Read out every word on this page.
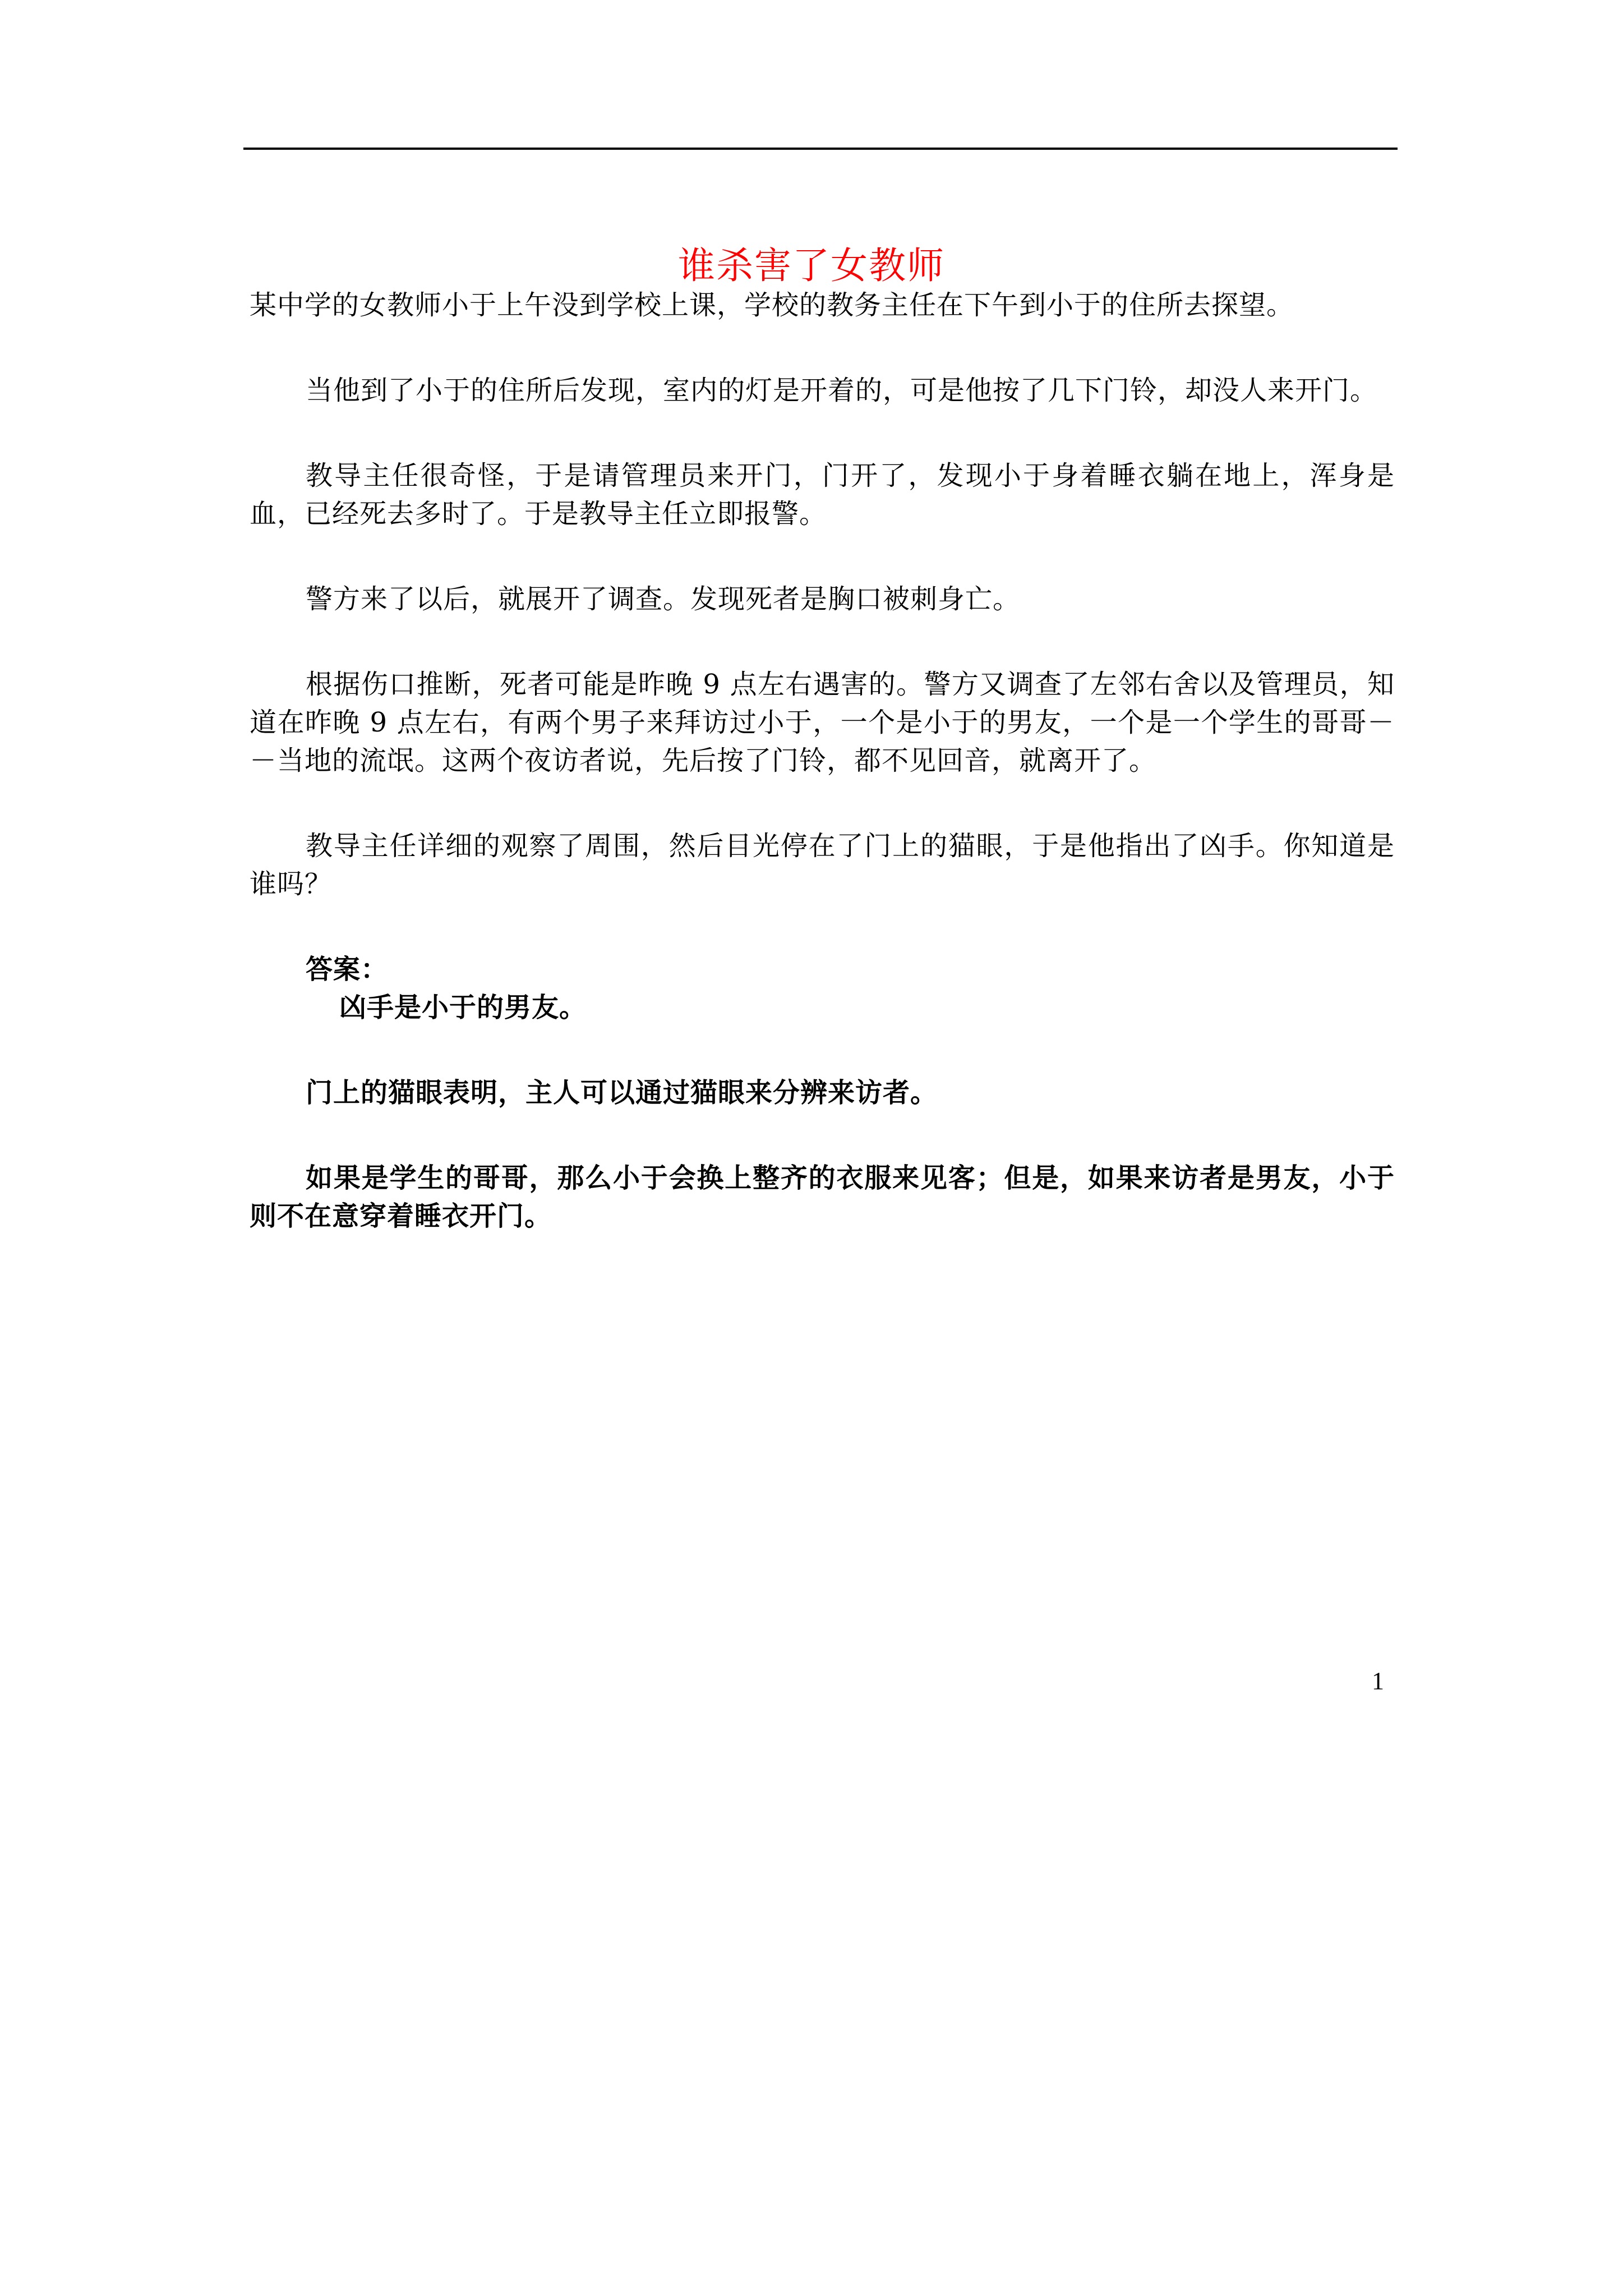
谁杀害了女教师

某中学的女教师小于上午没到学校上课，学校的教务主任在下午到小于的住所去探望。

当他到了小于的住所后发现，室内的灯是开着的，可是他按了几下门铃，却没人来开门。

教导主任很奇怪，于是请管理员来开门，门开了，发现小于身着睡衣躺在地上，浑身是血，已经死去多时了。于是教导主任立即报警。

警方来了以后，就展开了调查。发现死者是胸口被刺身亡。

根据伤口推断，死者可能是昨晚 9 点左右遇害的。警方又调查了左邻右舍以及管理员，知道在昨晚 9 点左右，有两个男子来拜访过小于，一个是小于的男友，一个是一个学生的哥哥－－当地的流氓。这两个夜访者说，先后按了门铃，都不见回音，就离开了。

教导主任详细的观察了周围，然后目光停在了门上的猫眼，于是他指出了凶手。你知道是谁吗？

答案：

凶手是小于的男友。

门上的猫眼表明，主人可以通过猫眼来分辨来访者。

如果是学生的哥哥，那么小于会换上整齐的衣服来见客；但是，如果来访者是男友，小于则不在意穿着睡衣开门。

1
